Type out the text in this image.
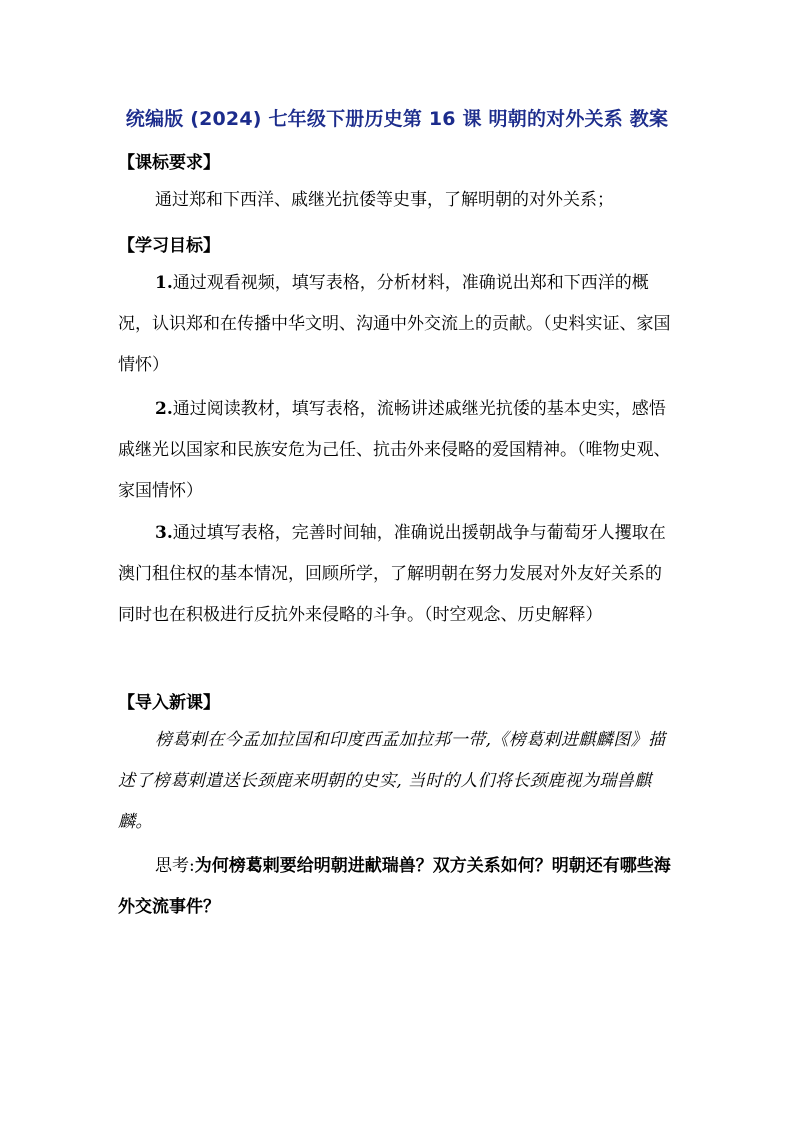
统编版 (2024) 七年级下册历史第 16 课 明朝的对外关系 教案
【课标要求】
通过郑和下西洋、戚继光抗倭等史事，了解明朝的对外关系；
【学习目标】
1.通过观看视频，填写表格，分析材料，准确说出郑和下西洋的概况，认识郑和在传播中华文明、沟通中外交流上的贡献。（史料实证、家国情怀）
2.通过阅读教材，填写表格，流畅讲述戚继光抗倭的基本史实，感悟戚继光以国家和民族安危为己任、抗击外来侵略的爱国精神。（唯物史观、家国情怀）
3.通过填写表格，完善时间轴，准确说出援朝战争与葡萄牙人攫取在澳门租住权的基本情况，回顾所学，了解明朝在努力发展对外友好关系的同时也在积极进行反抗外来侵略的斗争。（时空观念、历史解释）
【导入新课】
榜葛剌在今孟加拉国和印度西孟加拉邦一带,《榜葛剌进麒麟图》描述了榜葛剌遣送长颈鹿来明朝的史实, 当时的人们将长颈鹿视为瑞兽麒麟。
思考:为何榜葛剌要给明朝进献瑞兽？双方关系如何？明朝还有哪些海外交流事件？
